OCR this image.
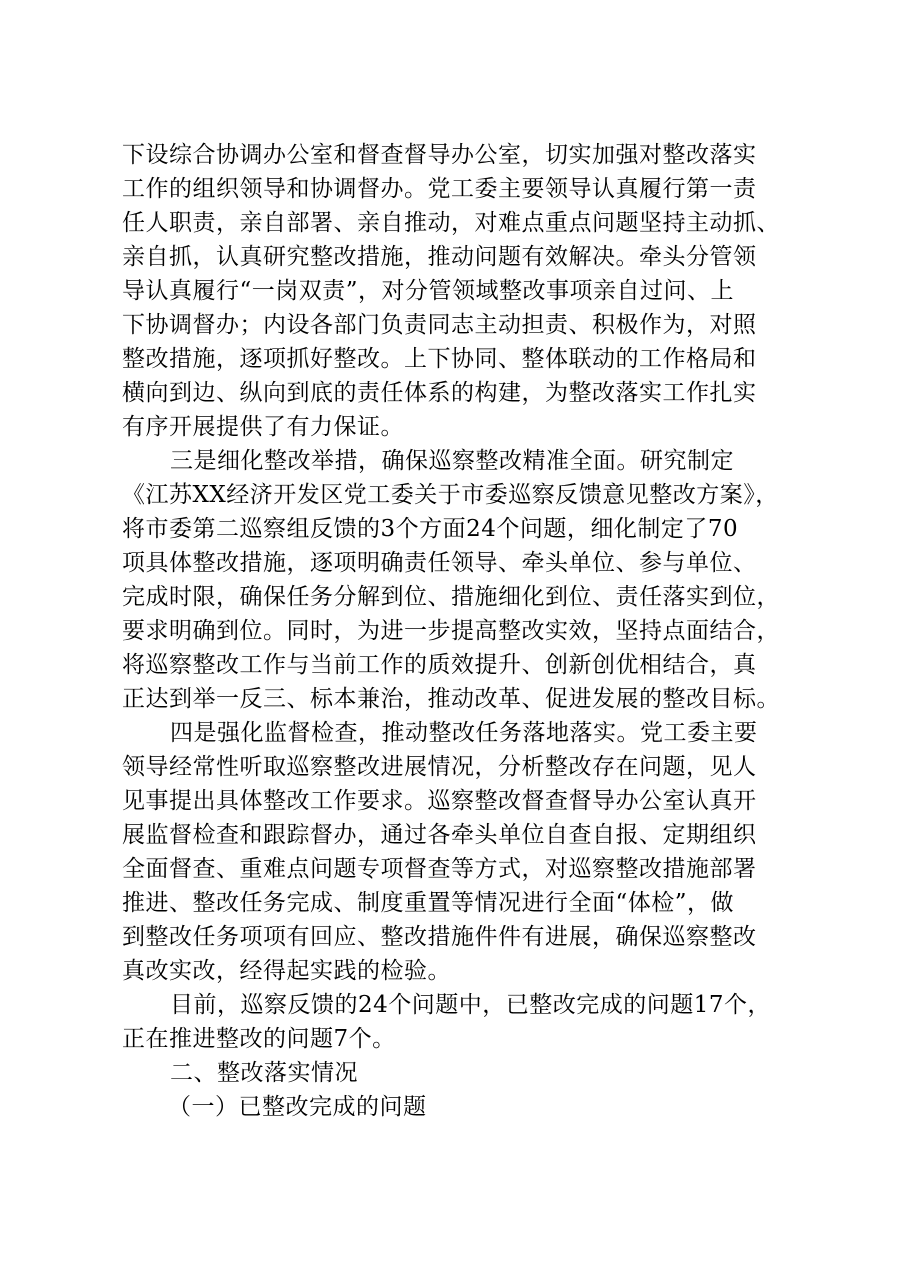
下设综合协调办公室和督查督导办公室，切实加强对整改落实
工作的组织领导和协调督办。党工委主要领导认真履行第一责
任人职责，亲自部署、亲自推动，对难点重点问题坚持主动抓、
亲自抓，认真研究整改措施，推动问题有效解决。牵头分管领
导认真履行“一岗双责”，对分管领域整改事项亲自过问、上
下协调督办；内设各部门负责同志主动担责、积极作为，对照
整改措施，逐项抓好整改。上下协同、整体联动的工作格局和
横向到边、纵向到底的责任体系的构建，为整改落实工作扎实
有序开展提供了有力保证。
三是细化整改举措，确保巡察整改精准全面。研究制定
《江苏XX经济开发区党工委关于市委巡察反馈意见整改方案》，
将市委第二巡察组反馈的3个方面24个问题，细化制定了70
项具体整改措施，逐项明确责任领导、牵头单位、参与单位、
完成时限，确保任务分解到位、措施细化到位、责任落实到位，
要求明确到位。同时，为进一步提高整改实效，坚持点面结合，
将巡察整改工作与当前工作的质效提升、创新创优相结合，真
正达到举一反三、标本兼治，推动改革、促进发展的整改目标。
四是强化监督检查，推动整改任务落地落实。党工委主要
领导经常性听取巡察整改进展情况，分析整改存在问题，见人
见事提出具体整改工作要求。巡察整改督查督导办公室认真开
展监督检查和跟踪督办，通过各牵头单位自查自报、定期组织
全面督查、重难点问题专项督查等方式，对巡察整改措施部署
推进、整改任务完成、制度重置等情况进行全面“体检”，做
到整改任务项项有回应、整改措施件件有进展，确保巡察整改
真改实改，经得起实践的检验。
目前，巡察反馈的24个问题中，已整改完成的问题17个，
正在推进整改的问题7个。
二、整改落实情况
（一）已整改完成的问题
